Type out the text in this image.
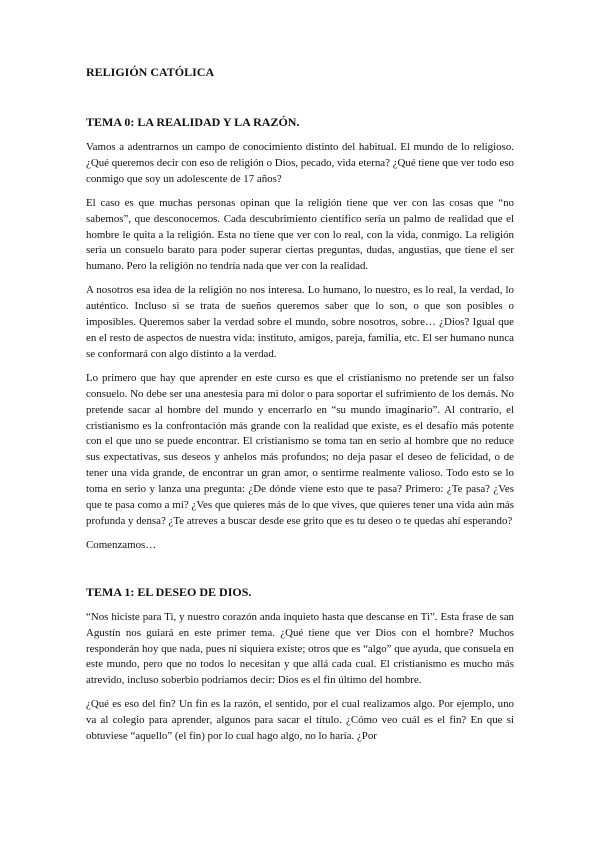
RELIGIÓN CATÓLICA
TEMA 0: LA REALIDAD Y LA RAZÓN.

Vamos a adentrarnos un campo de conocimiento distinto del habitual. El mundo de lo religioso. ¿Qué queremos decir con eso de religión o Dios, pecado, vida eterna? ¿Qué tiene que ver todo eso conmigo que soy un adolescente de 17 años?

El caso es que muchas personas opinan que la religión tiene que ver con las cosas que “no sabemos”, que desconocemos. Cada descubrimiento científico sería un palmo de realidad que el hombre le quita a la religión. Esta no tiene que ver con lo real, con la vida, conmigo. La religión sería un consuelo barato para poder superar ciertas preguntas, dudas, angustias, que tiene el ser humano. Pero la religión no tendría nada que ver con la realidad.

A nosotros esa idea de la religión no nos interesa. Lo humano, lo nuestro, es lo real, la verdad, lo auténtico. Incluso si se trata de sueños queremos saber que lo son, o que son posibles o imposibles. Queremos saber la verdad sobre el mundo, sobre nosotros, sobre… ¿Dios? Igual que en el resto de aspectos de nuestra vida: instituto, amigos, pareja, familia, etc. El ser humano nunca se conformará con algo distinto a la verdad.

Lo primero que hay que aprender en este curso es que el cristianismo no pretende ser un falso consuelo. No debe ser una anestesia para mi dolor o para soportar el sufrimiento de los demás. No pretende sacar al hombre del mundo y encerrarlo en “su mundo imaginario”. Al contrario, el cristianismo es la confrontación más grande con la realidad que existe, es el desafío más potente con el que uno se puede encontrar. El cristianismo se toma tan en serio al hombre que no reduce sus expectativas, sus deseos y anhelos más profundos; no deja pasar el deseo de felicidad, o de tener una vida grande, de encontrar un gran amor, o sentirme realmente valioso. Todo esto se lo toma en serio y lanza una pregunta: ¿De dónde viene esto que te pasa? Primero: ¿Te pasa? ¿Ves que te pasa como a mí? ¿Ves que quieres más de lo que vives, que quieres tener una vida aún más profunda y densa? ¿Te atreves a buscar desde ese grito que es tu deseo o te quedas ahí esperando?

Comenzamos…

TEMA 1: EL DESEO DE DIOS.

“Nos hiciste para Ti, y nuestro corazón anda inquieto hasta que descanse en Ti”. Esta frase de san Agustín nos guiará en este primer tema. ¿Qué tiene que ver Dios con el hombre? Muchos responderán hoy que nada, pues ni siquiera existe; otros que es “algo” que ayuda, que consuela en este mundo, pero que no todos lo necesitan y que allá cada cual. El cristianismo es mucho más atrevido, incluso soberbio podríamos decir: Dios es el fin último del hombre.

¿Qué es eso del fin? Un fin es la razón, el sentido, por el cual realizamos algo. Por ejemplo, uno va al colegio para aprender, algunos para sacar el título. ¿Cómo veo cuál es el fin? En que si obtuviese “aquello” (el fin) por lo cual hago algo, no lo haría. ¿Por
